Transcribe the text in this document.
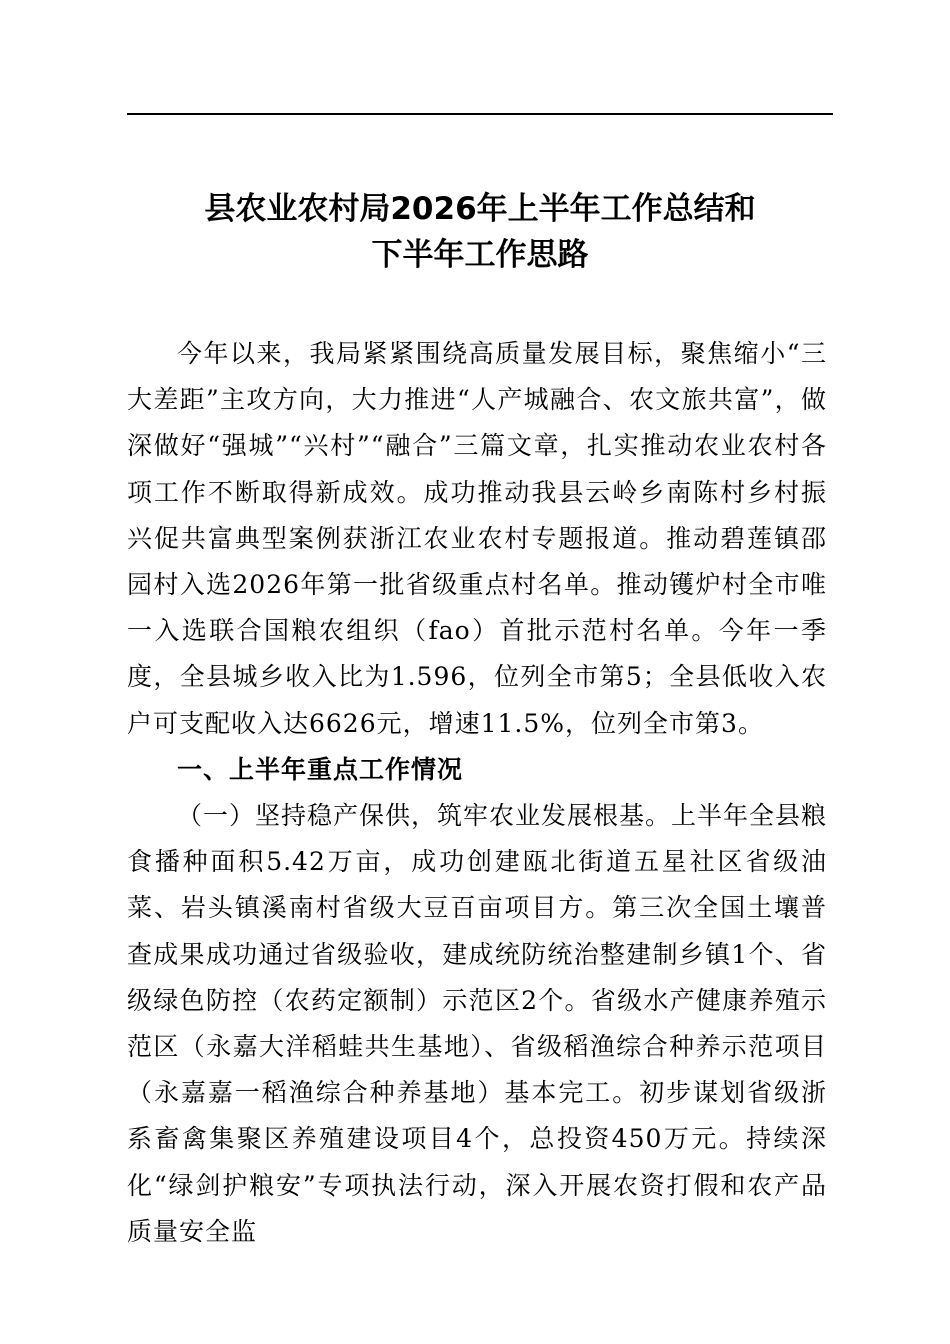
县农业农村局2026年上半年工作总结和
下半年工作思路

今年以来，我局紧紧围绕高质量发展目标，聚焦缩小“三大差距”主攻方向，大力推进“人产城融合、农文旅共富”，做深做好“强城”“兴村”“融合”三篇文章，扎实推动农业农村各项工作不断取得新成效。成功推动我县云岭乡南陈村乡村振兴促共富典型案例获浙江农业农村专题报道。推动碧莲镇邵园村入选2026年第一批省级重点村名单。推动镬炉村全市唯一入选联合国粮农组织（fao）首批示范村名单。今年一季度，全县城乡收入比为1.596，位列全市第5；全县低收入农户可支配收入达6626元，增速11.5%，位列全市第3。

一、上半年重点工作情况

（一）坚持稳产保供，筑牢农业发展根基。上半年全县粮食播种面积5.42万亩，成功创建瓯北街道五星社区省级油菜、岩头镇溪南村省级大豆百亩项目方。第三次全国土壤普查成果成功通过省级验收，建成统防统治整建制乡镇1个、省级绿色防控（农药定额制）示范区2个。省级水产健康养殖示范区（永嘉大洋稻蛙共生基地）、省级稻渔综合种养示范项目（永嘉嘉一稻渔综合种养基地）基本完工。初步谋划省级浙系畜禽集聚区养殖建设项目4个，总投资450万元。持续深化“绿剑护粮安”专项执法行动，深入开展农资打假和农产品质量安全监
